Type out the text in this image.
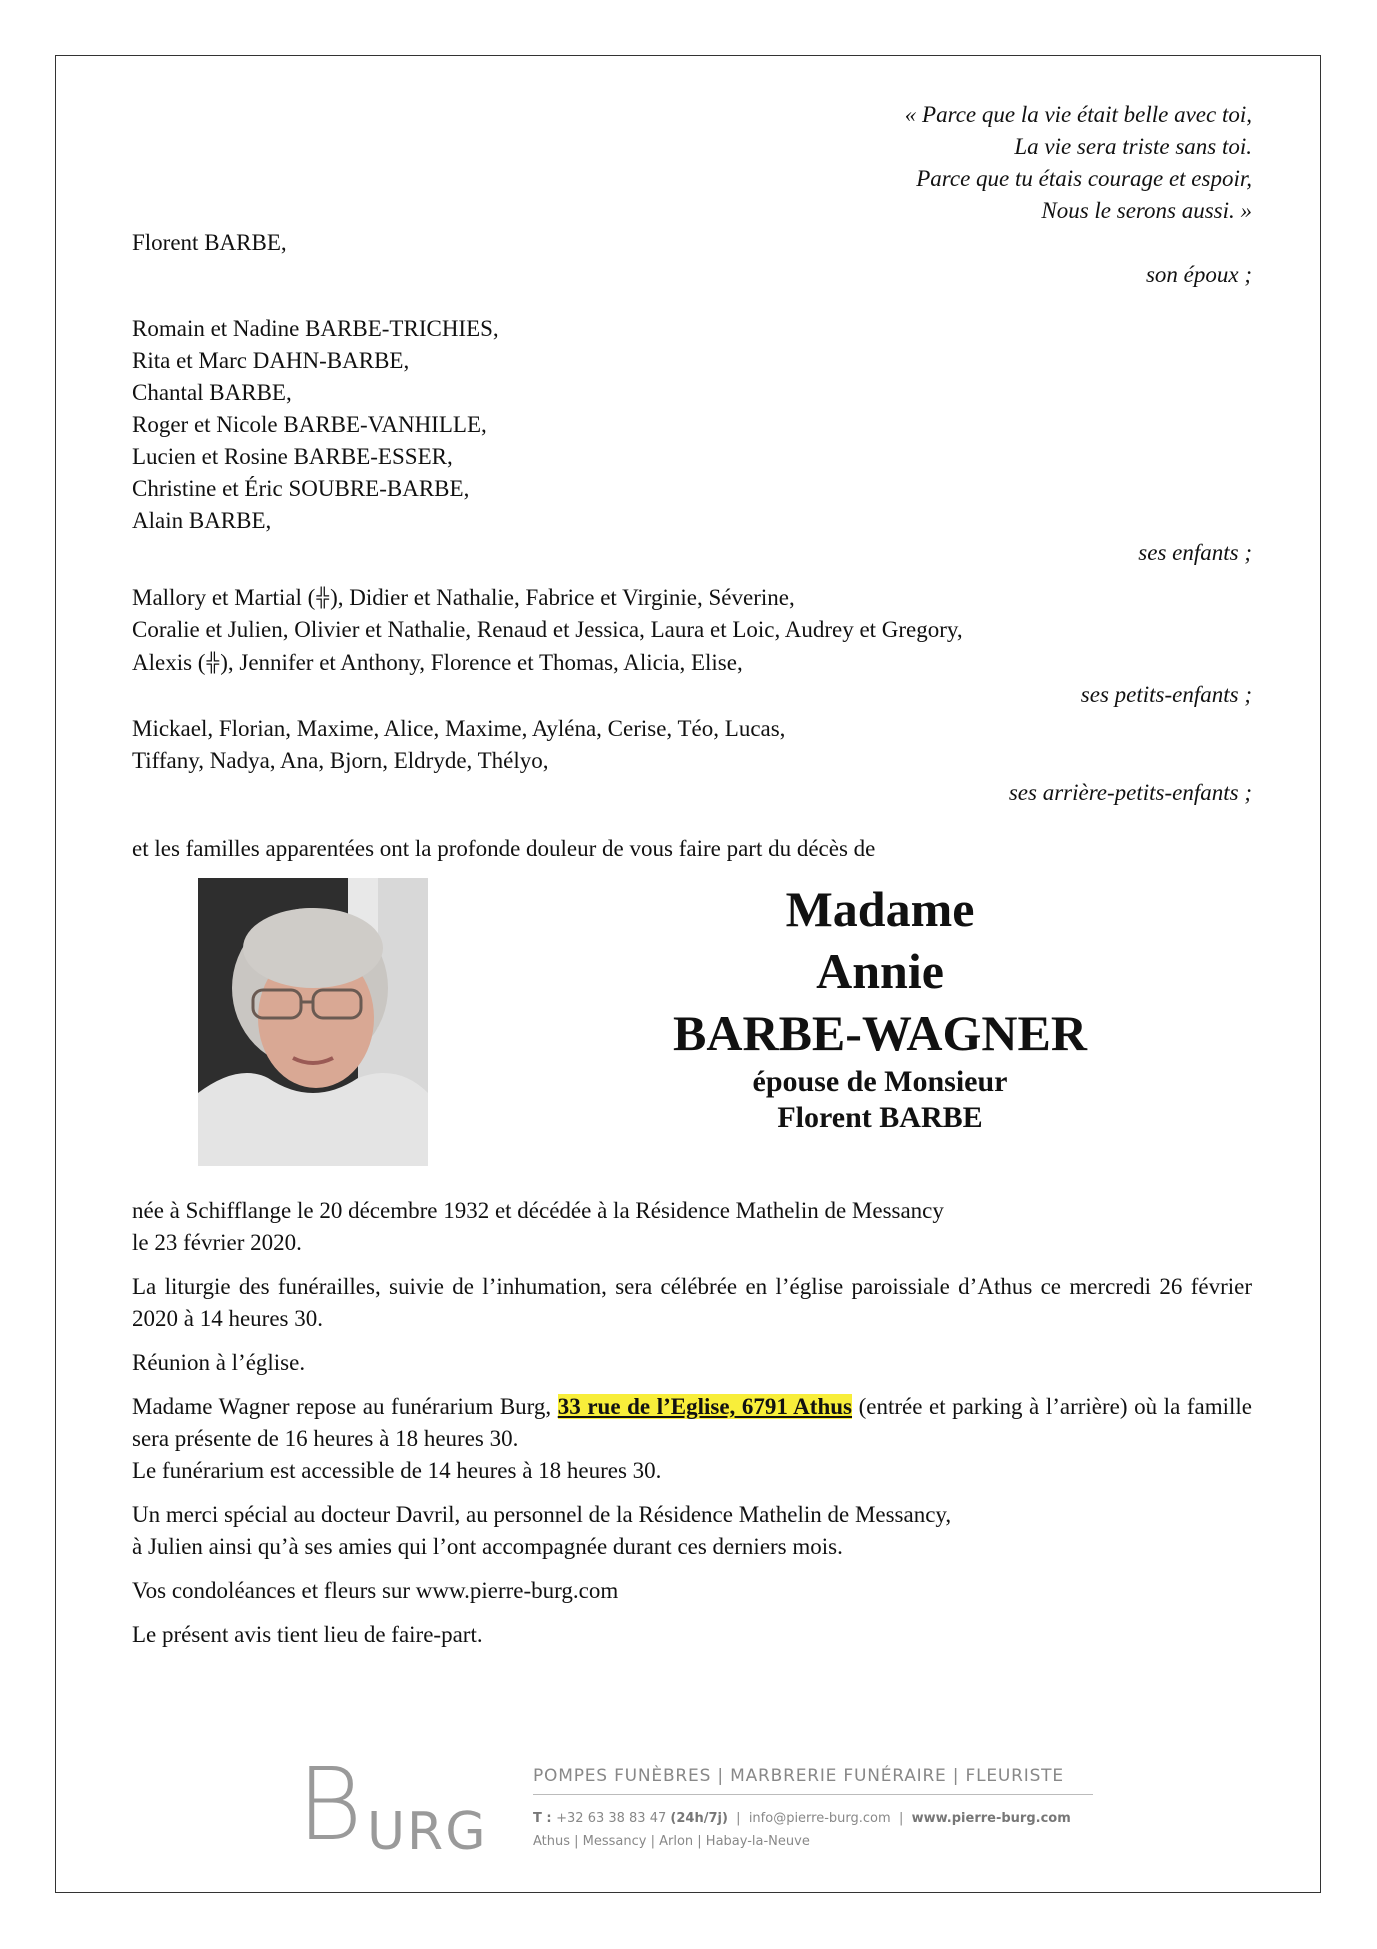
« Parce que la vie était belle avec toi,
La vie sera triste sans toi.
Parce que tu étais courage et espoir,
Nous le serons aussi. »
Florent BARBE,
son époux ;
Romain et Nadine BARBE-TRICHIES,
Rita et Marc DAHN-BARBE,
Chantal BARBE,
Roger et Nicole BARBE-VANHILLE,
Lucien et Rosine BARBE-ESSER,
Christine et Éric SOUBRE-BARBE,
Alain BARBE,
ses enfants ;
Mallory et Martial (╬), Didier et Nathalie, Fabrice et Virginie, Séverine,
Coralie et Julien, Olivier et Nathalie, Renaud et Jessica, Laura et Loic, Audrey et Gregory,
Alexis (╬), Jennifer et Anthony, Florence et Thomas, Alicia, Elise,
ses petits-enfants ;
Mickael, Florian, Maxime, Alice, Maxime, Ayléna, Cerise, Téo, Lucas,
Tiffany, Nadya, Ana, Bjorn, Eldryde, Thélyo,
ses arrière-petits-enfants ;
et les familles apparentées ont la profonde douleur de vous faire part du décès de
Madame
Annie
BARBE-WAGNER
épouse de Monsieur
Florent BARBE
née à Schifflange le 20 décembre 1932 et décédée à la Résidence Mathelin de Messancy
le 23 février 2020.
La liturgie des funérailles, suivie de l’inhumation, sera célébrée en l’église paroissiale d’Athus ce mercredi 26 février 2020 à 14 heures 30.
Réunion à l’église.
Madame Wagner repose au funérarium Burg, 33 rue de l’Eglise, 6791 Athus (entrée et parking à l’arrière) où la famille sera présente de 16 heures à 18 heures 30.
Le funérarium est accessible de 14 heures à 18 heures 30.
Un merci spécial au docteur Davril, au personnel de la Résidence Mathelin de Messancy,
à Julien ainsi qu’à ses amies qui l’ont accompagnée durant ces derniers mois.
Vos condoléances et fleurs sur www.pierre-burg.com
Le présent avis tient lieu de faire-part.
B URG
POMPES FUNÈBRES | MARBRERIE FUNÉRAIRE | FLEURISTE
T : +32 63 38 83 47 (24h/7j)  |  info@pierre-burg.com  |  www.pierre-burg.com
Athus | Messancy | Arlon | Habay-la-Neuve
